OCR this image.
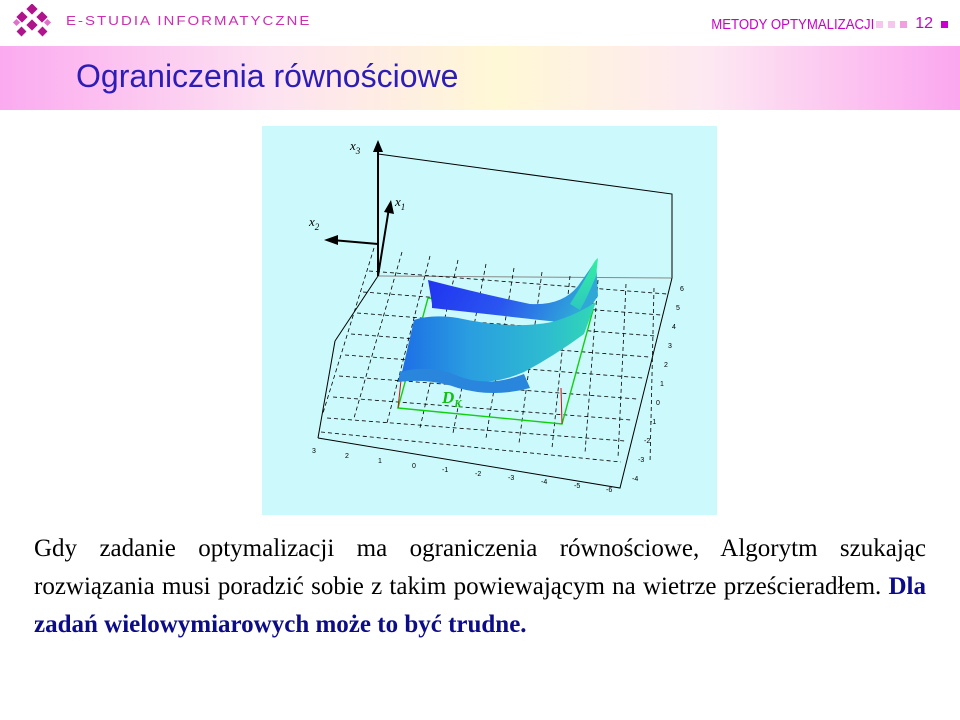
E-STUDIA INFORMATYCZNE	METODY OPTYMALIZACJI	12
Ograniczenia równościowe
$x_3$
$x_1$
$x_2$
$D_K$
6
5
4
3
2
1
0
-1
-2
-3
-4
3
2
1
0
-1
-2
-3
-4
-5
-6

Gdy zadanie optymalizacji ma ograniczenia równościowe, Algorytm szukając rozwiązania musi poradzić sobie z takim powiewającym na wietrze prześcieradłem. Dla zadań wielowymiarowych może to być trudne.
